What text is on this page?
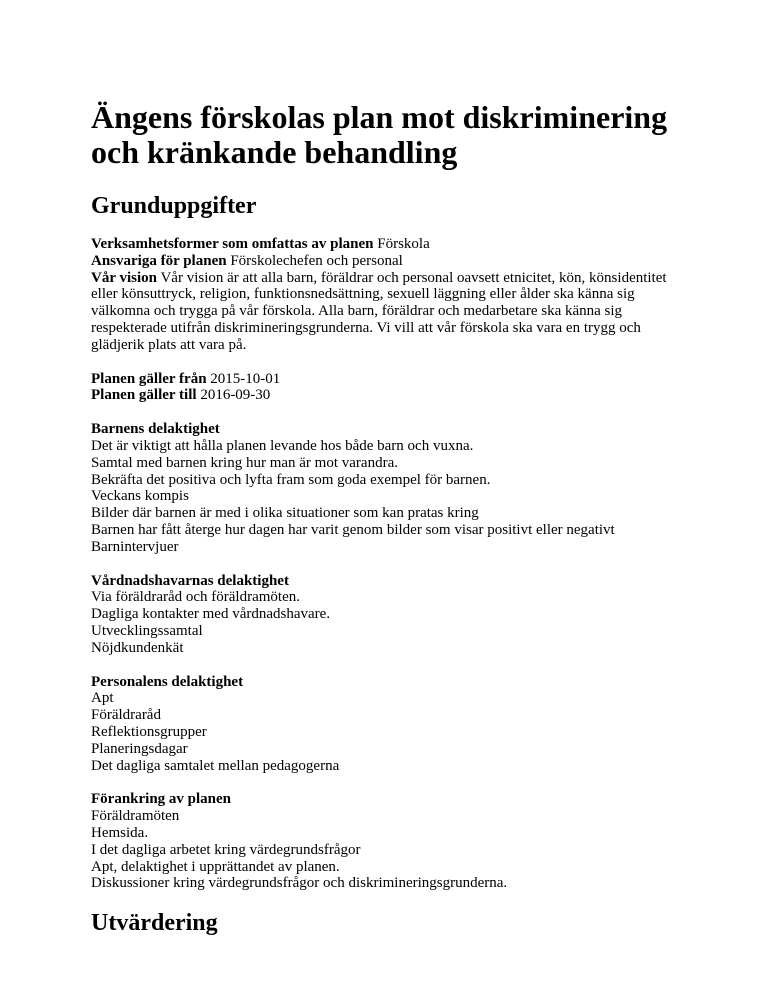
Ängens förskolas plan mot diskriminering och kränkande behandling
Grunduppgifter
Verksamhetsformer som omfattas av planen Förskola
Ansvariga för planen Förskolechefen och personal
Vår vision Vår vision är att alla barn, föräldrar och personal oavsett etnicitet, kön, könsidentitet eller könsuttryck, religion, funktionsnedsättning, sexuell läggning eller ålder ska känna sig välkomna och trygga på vår förskola. Alla barn, föräldrar och medarbetare ska känna sig respekterade utifrån diskrimineringsgrunderna. Vi vill att vår förskola ska vara en trygg och glädjerik plats att vara på.
Planen gäller från 2015-10-01
Planen gäller till 2016-09-30
Barnens delaktighet
Det är viktigt att hålla planen levande hos både barn och vuxna.
Samtal med barnen kring hur man är mot varandra.
Bekräfta det positiva och lyfta fram som goda exempel för barnen.
Veckans kompis
Bilder där barnen är med i olika situationer som kan pratas kring
Barnen har fått återge hur dagen har varit genom bilder som visar positivt eller negativt
Barnintervjuer
Vårdnadshavarnas delaktighet
Via föräldraråd och föräldramöten.
Dagliga kontakter med vårdnadshavare.
Utvecklingssamtal
Nöjdkundenkät
Personalens delaktighet
Apt
Föräldraråd
Reflektionsgrupper
Planeringsdagar
Det dagliga samtalet mellan pedagogerna
Förankring av planen
Föräldramöten
Hemsida.
I det dagliga arbetet kring värdegrundsfrågor
Apt, delaktighet i upprättandet av planen.
Diskussioner kring värdegrundsfrågor och diskrimineringsgrunderna.
Utvärdering
